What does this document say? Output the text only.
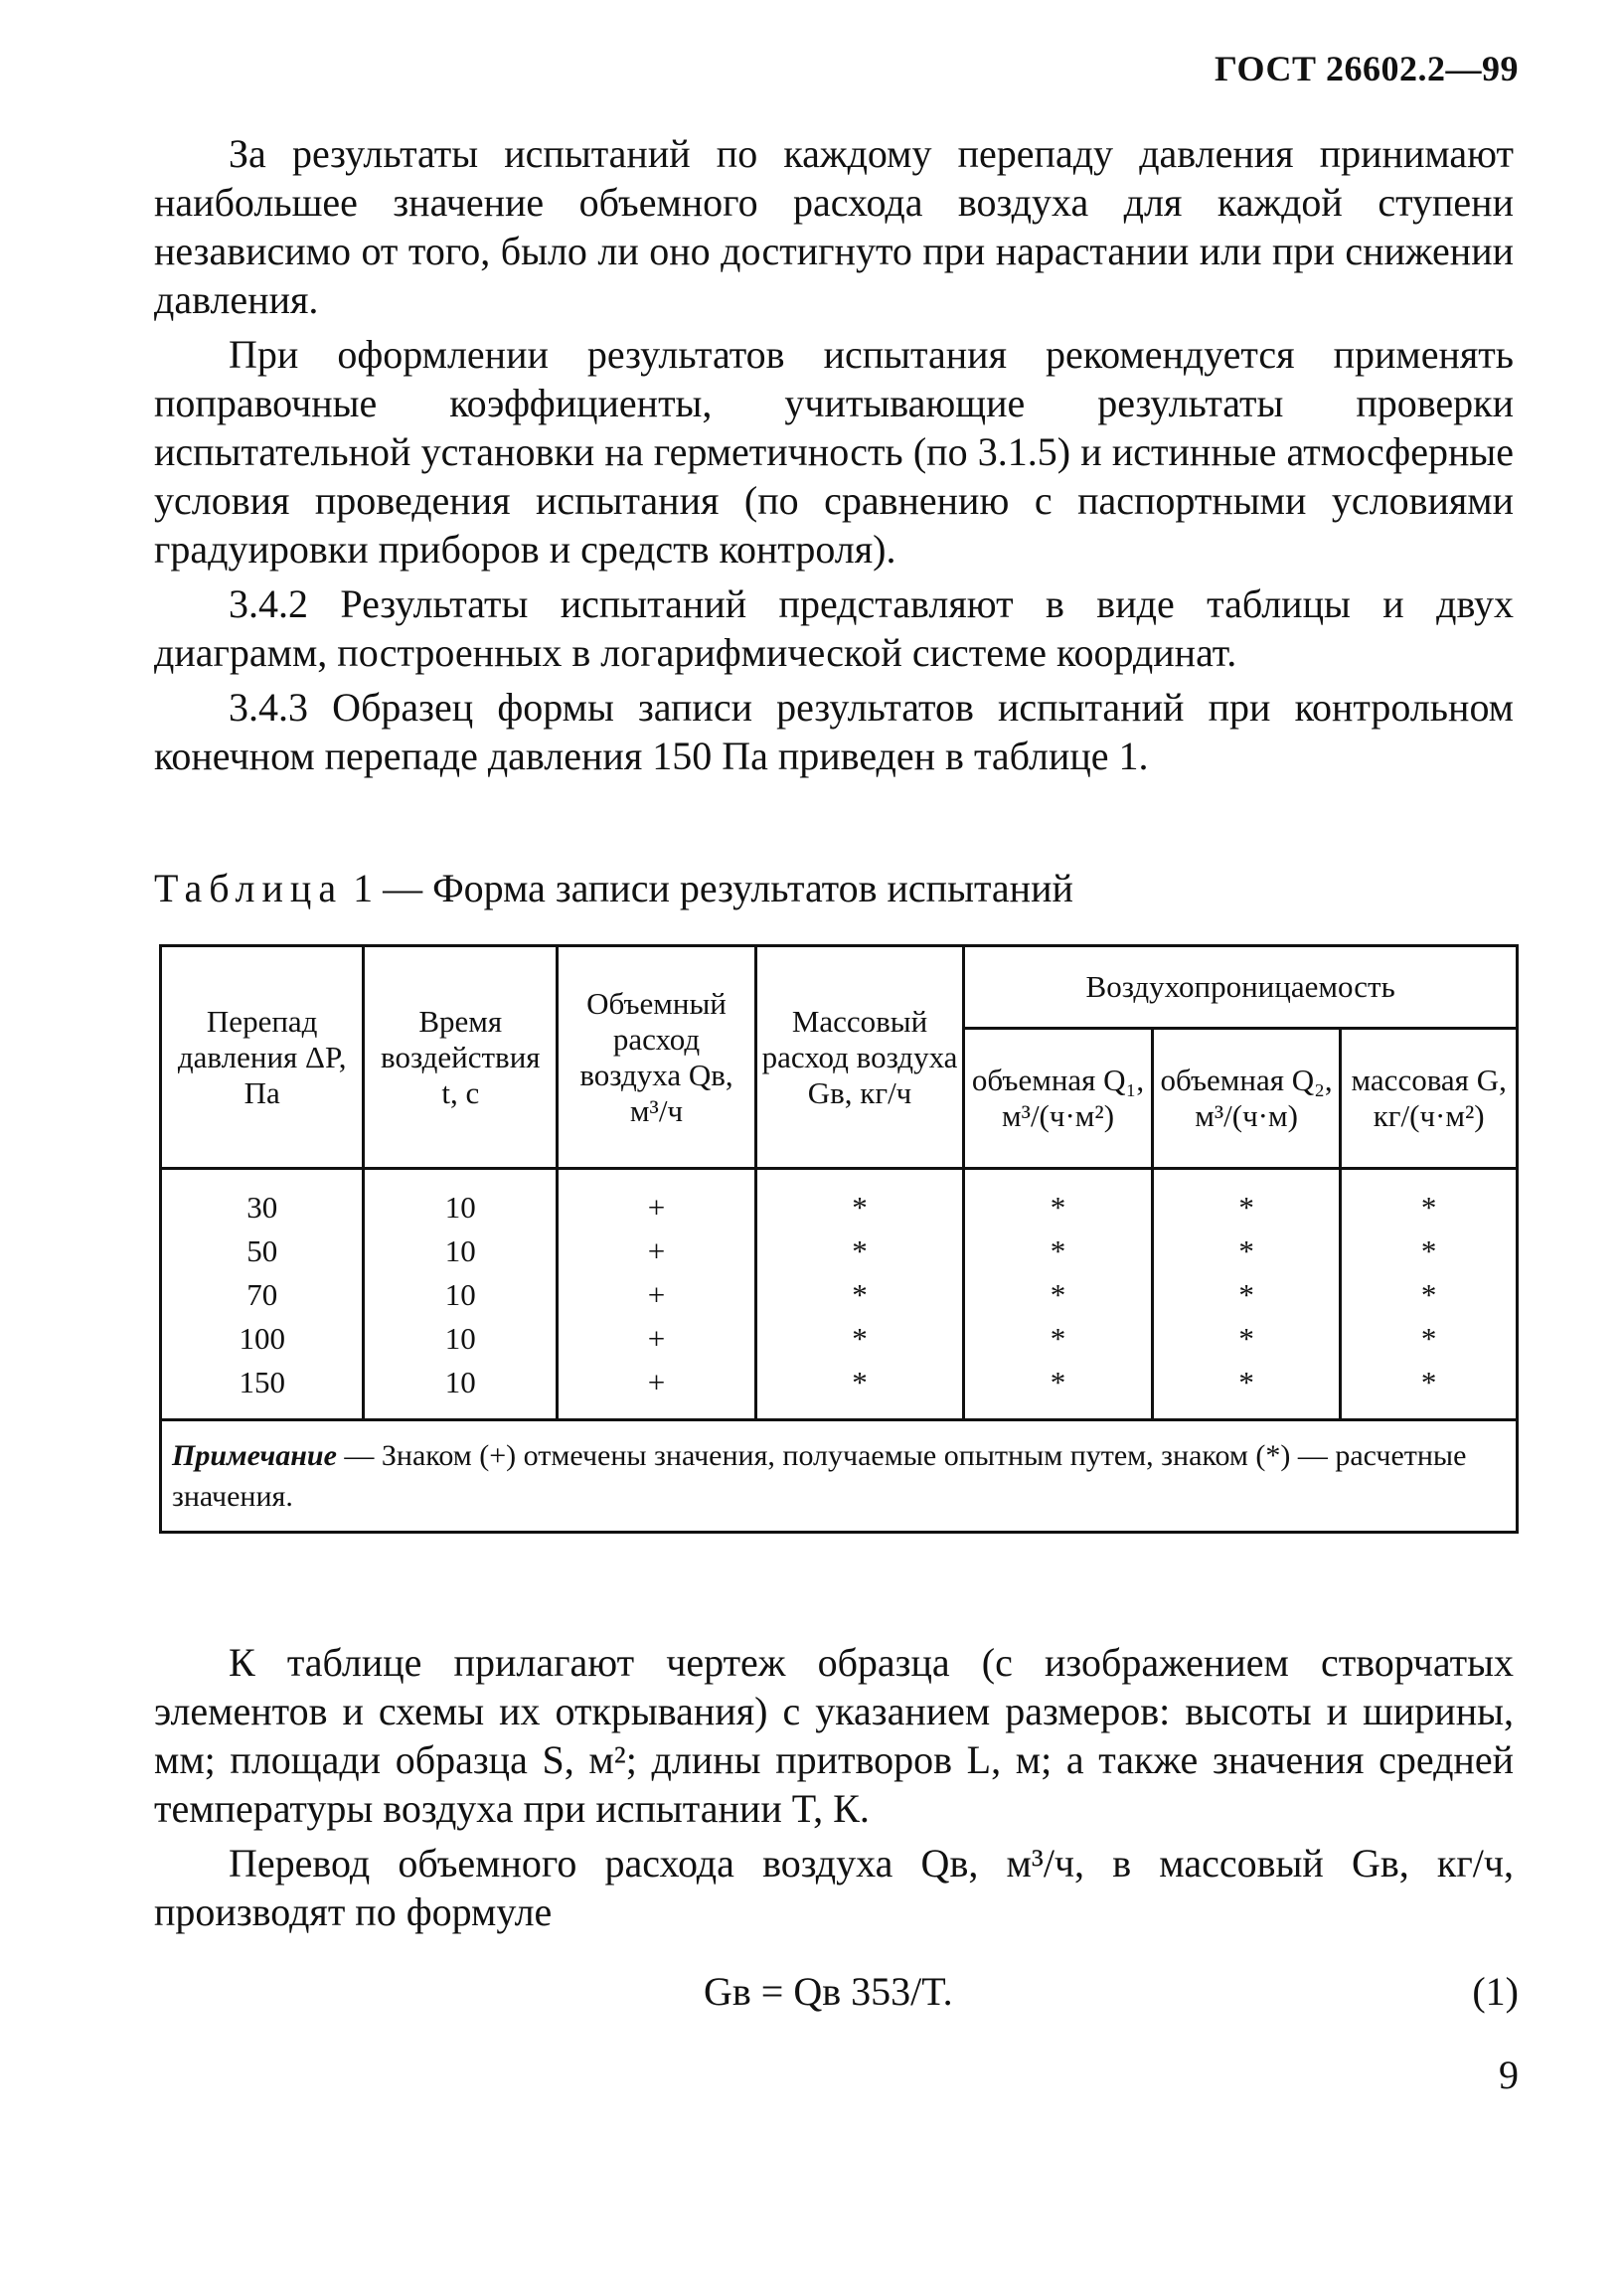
ГОСТ 26602.2—99

За результаты испытаний по каждому перепаду давления принимают наибольшее значение объемного расхода воздуха для каждой ступени независимо от того, было ли оно достигнуто при нарастании или при снижении давления.

При оформлении результатов испытания рекомендуется применять поправочные коэффициенты, учитывающие результаты проверки испытательной установки на герметичность (по 3.1.5) и истинные атмосферные условия проведения испытания (по сравнению с паспортными условиями градуировки приборов и средств контроля).

3.4.2 Результаты испытаний представляют в виде таблицы и двух диаграмм, построенных в логарифмической системе координат.

3.4.3 Образец формы записи результатов испытаний при контрольном конечном перепаде давления 150 Па приведен в таблице 1.

Таблица 1 — Форма записи результатов испытаний
Перепад давления ΔP, Па	Время воздействия t, с	Объемный расход воздуха Qв, м³/ч	Массовый расход воздуха Gв, кг/ч	Воздухопроницаемость		
				объемная Q₁, м³/(ч·м²)	объемная Q₂, м³/(ч·м)	массовая G, кг/(ч·м²)
30	10	+	*	*	*	*
50	10	+	*	*	*	*
70	10	+	*	*	*	*
100	10	+	*	*	*	*
150	10	+	*	*	*	*
Примечание — Знаком (+) отмечены значения, получаемые опытным путем, знаком (*) — расчетные значения.						

К таблице прилагают чертеж образца (с изображением створчатых элементов и схемы их открывания) с указанием размеров: высоты и ширины, мм; площади образца S, м²; длины притворов L, м; а также значения средней температуры воздуха при испытании T, К.

Перевод объемного расхода воздуха Qв, м³/ч, в массовый Gв, кг/ч, производят по формуле

Gв = Qв 353/T.	(1)
9
